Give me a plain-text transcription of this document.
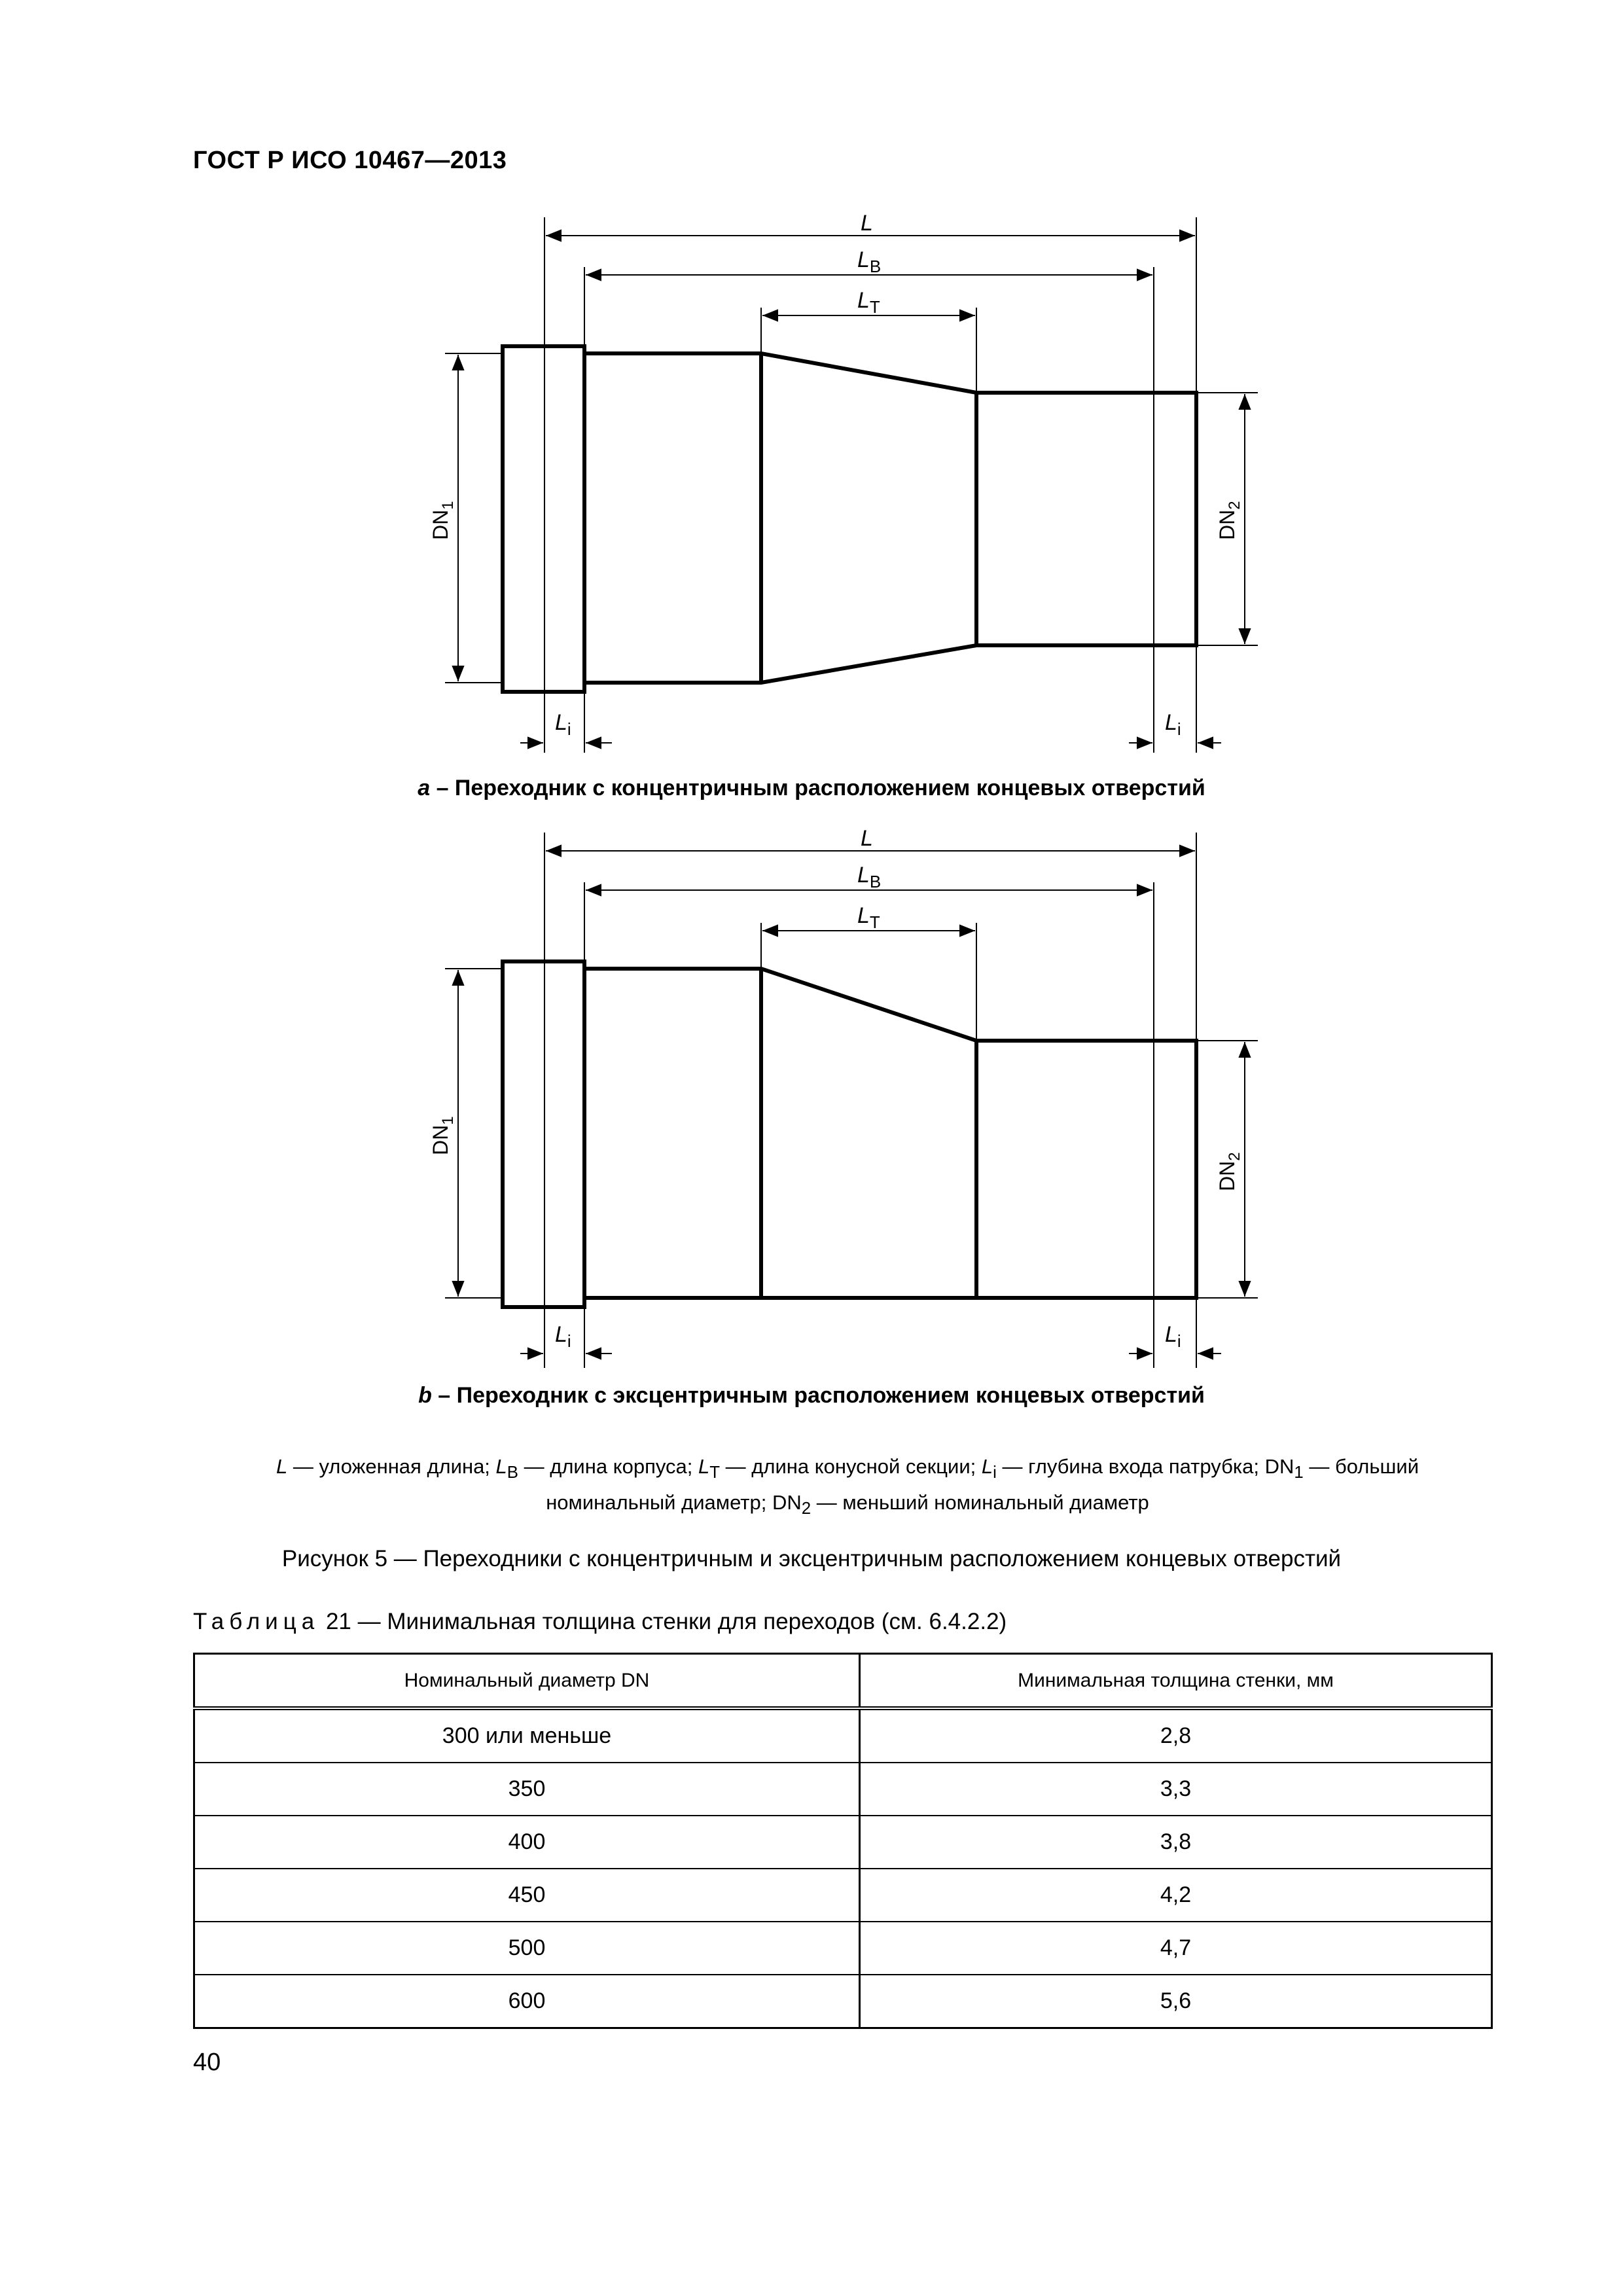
ГОСТ Р ИСО 10467—2013
L
$L_B$
$L_T$
$L_i$	$L_i$
$DN_1$
$DN_2$
a – Переходник с концентричным расположением концевых отверстий
L
$L_B$
$L_T$
$L_i$	$L_i$
$DN_1$
$DN_2$
b – Переходник с эксцентричным расположением концевых отверстий
L — уложенная длина; $L_B$ — длина корпуса; $L_T$ — длина конусной секции; $L_i$ — глубина входа патрубка; $DN_1$ — больший
номинальный диаметр; $DN_2$ — меньший номинальный диаметр
Рисунок 5 — Переходники с концентричным и эксцентричным расположением концевых отверстий
Таблица 21 — Минимальная толщина стенки для переходов (см. 6.4.2.2)
Номинальный диаметр DN	Минимальная толщина стенки, мм
300 или меньше	2,8
350	3,3
400	3,8
450	4,2
500	4,7
600	5,6
40
